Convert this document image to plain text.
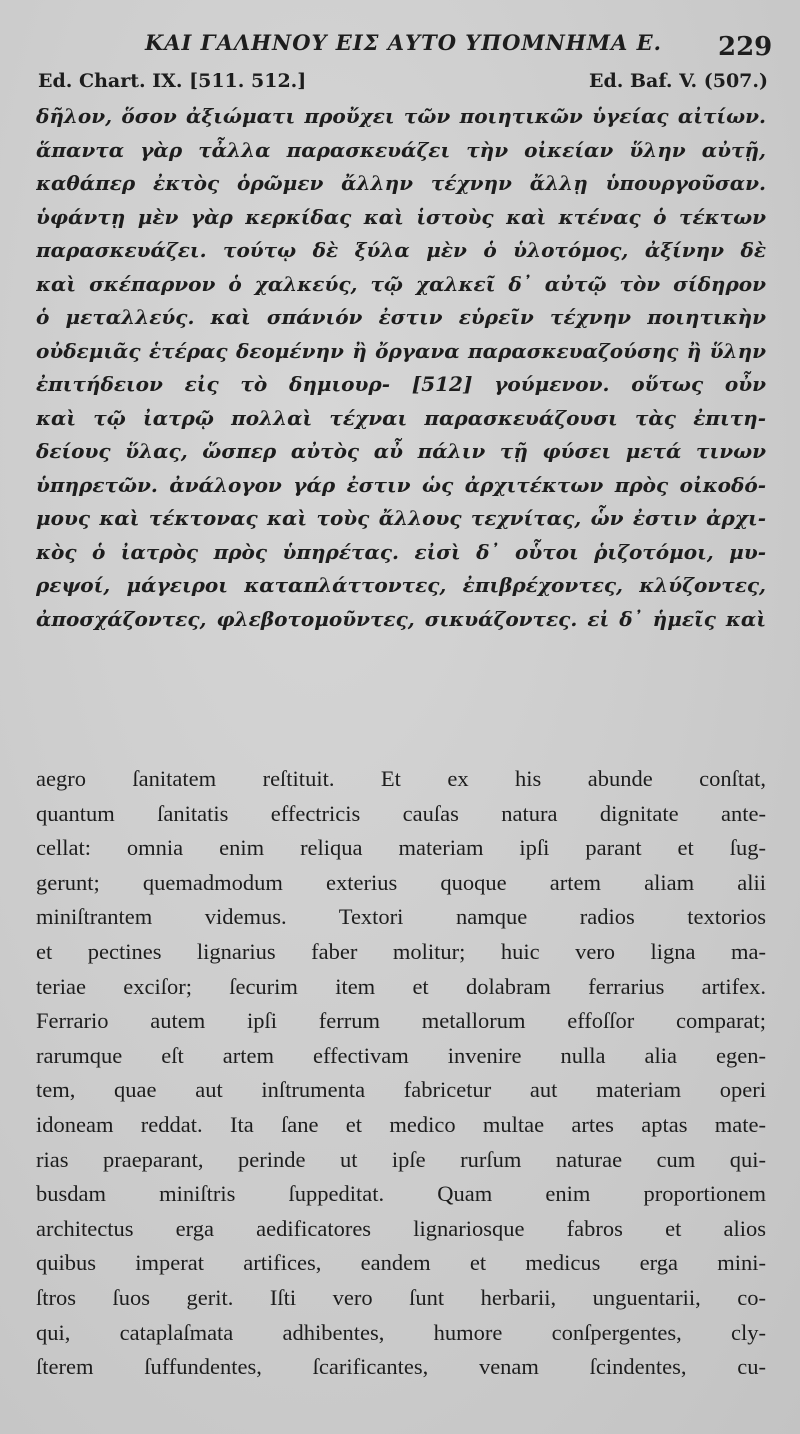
ΚΑΙ ΓΑΛΗΝΟΥ ΕΙΣ ΑΥΤΟ ΥΠΟΜΝΗΜΑ Ε. 229
Ed. Chart. IX. [511. 512.]	Ed. Baf. V. (507.)
δῆλον, ὅσον ἀξιώματι προὔχει τῶν ποιητικῶν ὑγείας αἰτίων.
ἅπαντα γὰρ τἆλλα παρασκευάζει τὴν οἰκείαν ὕλην αὐτῇ,
καθάπερ ἐκτὸς ὁρῶμεν ἄλλην τέχνην ἄλλῃ ὑπουργοῦσαν.
ὑφάντῃ μὲν γὰρ κερκίδας καὶ ἱστοὺς καὶ κτένας ὁ τέκτων
παρασκευάζει. τούτῳ δὲ ξύλα μὲν ὁ ὑλοτόμος, ἀξίνην δὲ
καὶ σκέπαρνον ὁ χαλκεύς, τῷ χαλκεῖ δ᾽ αὐτῷ τὸν σίδηρον
ὁ μεταλλεύς. καὶ σπάνιόν ἐστιν εὑρεῖν τέχνην ποιητικὴν
οὐδεμιᾶς ἑτέρας δεομένην ἢ ὄργανα παρασκευαζούσης ἢ ὕλην
ἐπιτήδειον εἰς τὸ δημιουρ- [512] γούμενον. οὕτως οὖν
καὶ τῷ ἰατρῷ πολλαὶ τέχναι παρασκευάζουσι τὰς ἐπιτη-
δείους ὕλας, ὥσπερ αὐτὸς αὖ πάλιν τῇ φύσει μετά τινων
ὑπηρετῶν. ἀνάλογον γάρ ἐστιν ὡς ἀρχιτέκτων πρὸς οἰκοδό-
μους καὶ τέκτονας καὶ τοὺς ἄλλους τεχνίτας, ὧν ἐστιν ἀρχι-
κὸς ὁ ἰατρὸς πρὸς ὑπηρέτας. εἰσὶ δ᾽ οὗτοι ῥιζοτόμοι, μυ-
ρεψοί, μάγειροι καταπλάττοντες, ἐπιβρέχοντες, κλύζοντες,
ἀποσχάζοντες, φλεβοτομοῦντες, σικυάζοντες. εἰ δ᾽ ἡμεῖς καὶ
aegro ſanitatem reſtituit. Et ex his abunde conſtat,
quantum ſanitatis effectricis cauſas natura dignitate ante-
cellat: omnia enim reliqua materiam ipſi parant et ſug-
gerunt; quemadmodum exterius quoque artem aliam alii
miniſtrantem videmus. Textori namque radios textorios
et pectines lignarius faber molitur; huic vero ligna ma-
teriae exciſor; ſecurim item et dolabram ferrarius artifex.
Ferrario autem ipſi ferrum metallorum effoſſor comparat;
rarumque eſt artem effectivam invenire nulla alia egen-
tem, quae aut inſtrumenta fabricetur aut materiam operi
idoneam reddat. Ita ſane et medico multae artes aptas mate-
rias praeparant, perinde ut ipſe rurſum naturae cum qui-
busdam miniſtris ſuppeditat. Quam enim proportionem
architectus erga aedificatores lignariosque fabros et alios
quibus imperat artifices, eandem et medicus erga mini-
ſtros ſuos gerit. Iſti vero ſunt herbarii, unguentarii, co-
qui, cataplaſmata adhibentes, humore conſpergentes, cly-
ſterem ſuffundentes, ſcarificantes, venam ſcindentes, cu-
